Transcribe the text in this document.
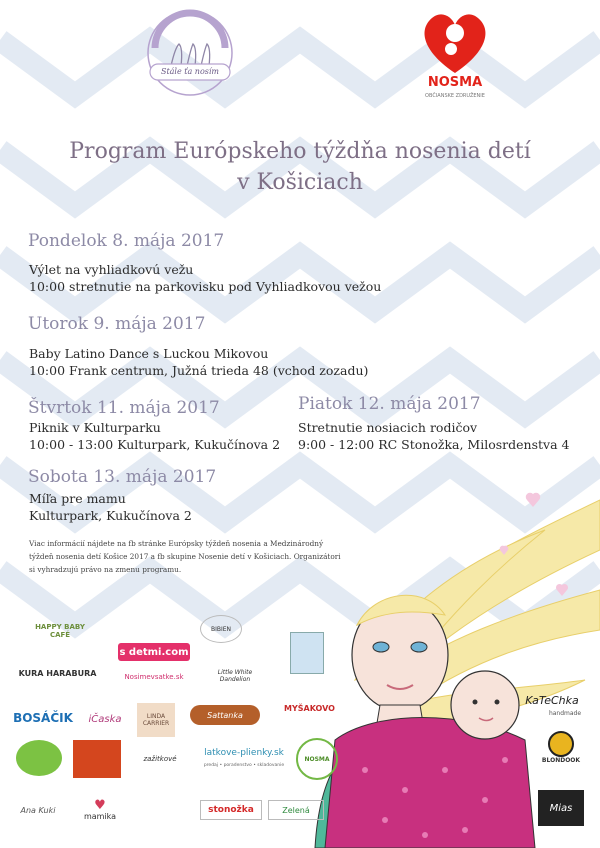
EUROPEAN BABYWEARING WEEK 2017
Stále ťa nosím
NOSMA
OBČIANSKE ZDRUŽENIE
Program Európskeho týždňa nosenia detí
v Košiciach
Pondelok 8. mája 2017
Výlet na vyhliadkovú vežu
10:00 stretnutie na parkovisku pod Vyhliadkovou vežou
Utorok 9. mája 2017
Baby Latino Dance s Luckou Mikovou
10:00 Frank centrum, Južná trieda 48 (vchod zozadu)
Štvrtok 11. mája 2017
Piknik v Kulturparku
10:00 - 13:00 Kulturpark, Kukučínova 2
Piatok 12. mája 2017
Stretnutie nosiacich rodičov
9:00 - 12:00 RC Stonožka, Milosrdenstva 4
Sobota 13. mája 2017
Míľa pre mamu
Kulturpark, Kukučínova 2
Viac informácií nájdete na fb stránke Európsky týždeň nosenia a Medzinárodný
týždeň nosenia detí Košice 2017 a fb skupine Nosenie detí v Košiciach. Organizátori
si vyhradzujú právo na zmenu programu.
HAPPY BABY CAFÉ
BIBIEN
s detmi.com
KURA HARABURA	Nosimevsatke.sk
Little White Dandelion
BOSÁČIK	iČaska	LINDA CARRIER
Sattanka
MYŠAKOVO
KaTeChka
handmade
BLONDOOK
zažitkové
latkove-plienky.sk
predaj • poradenstvo • skladovanie
NOSMA
Ana Kuki	♥
mamika
stonožka	Zelená	Mias
